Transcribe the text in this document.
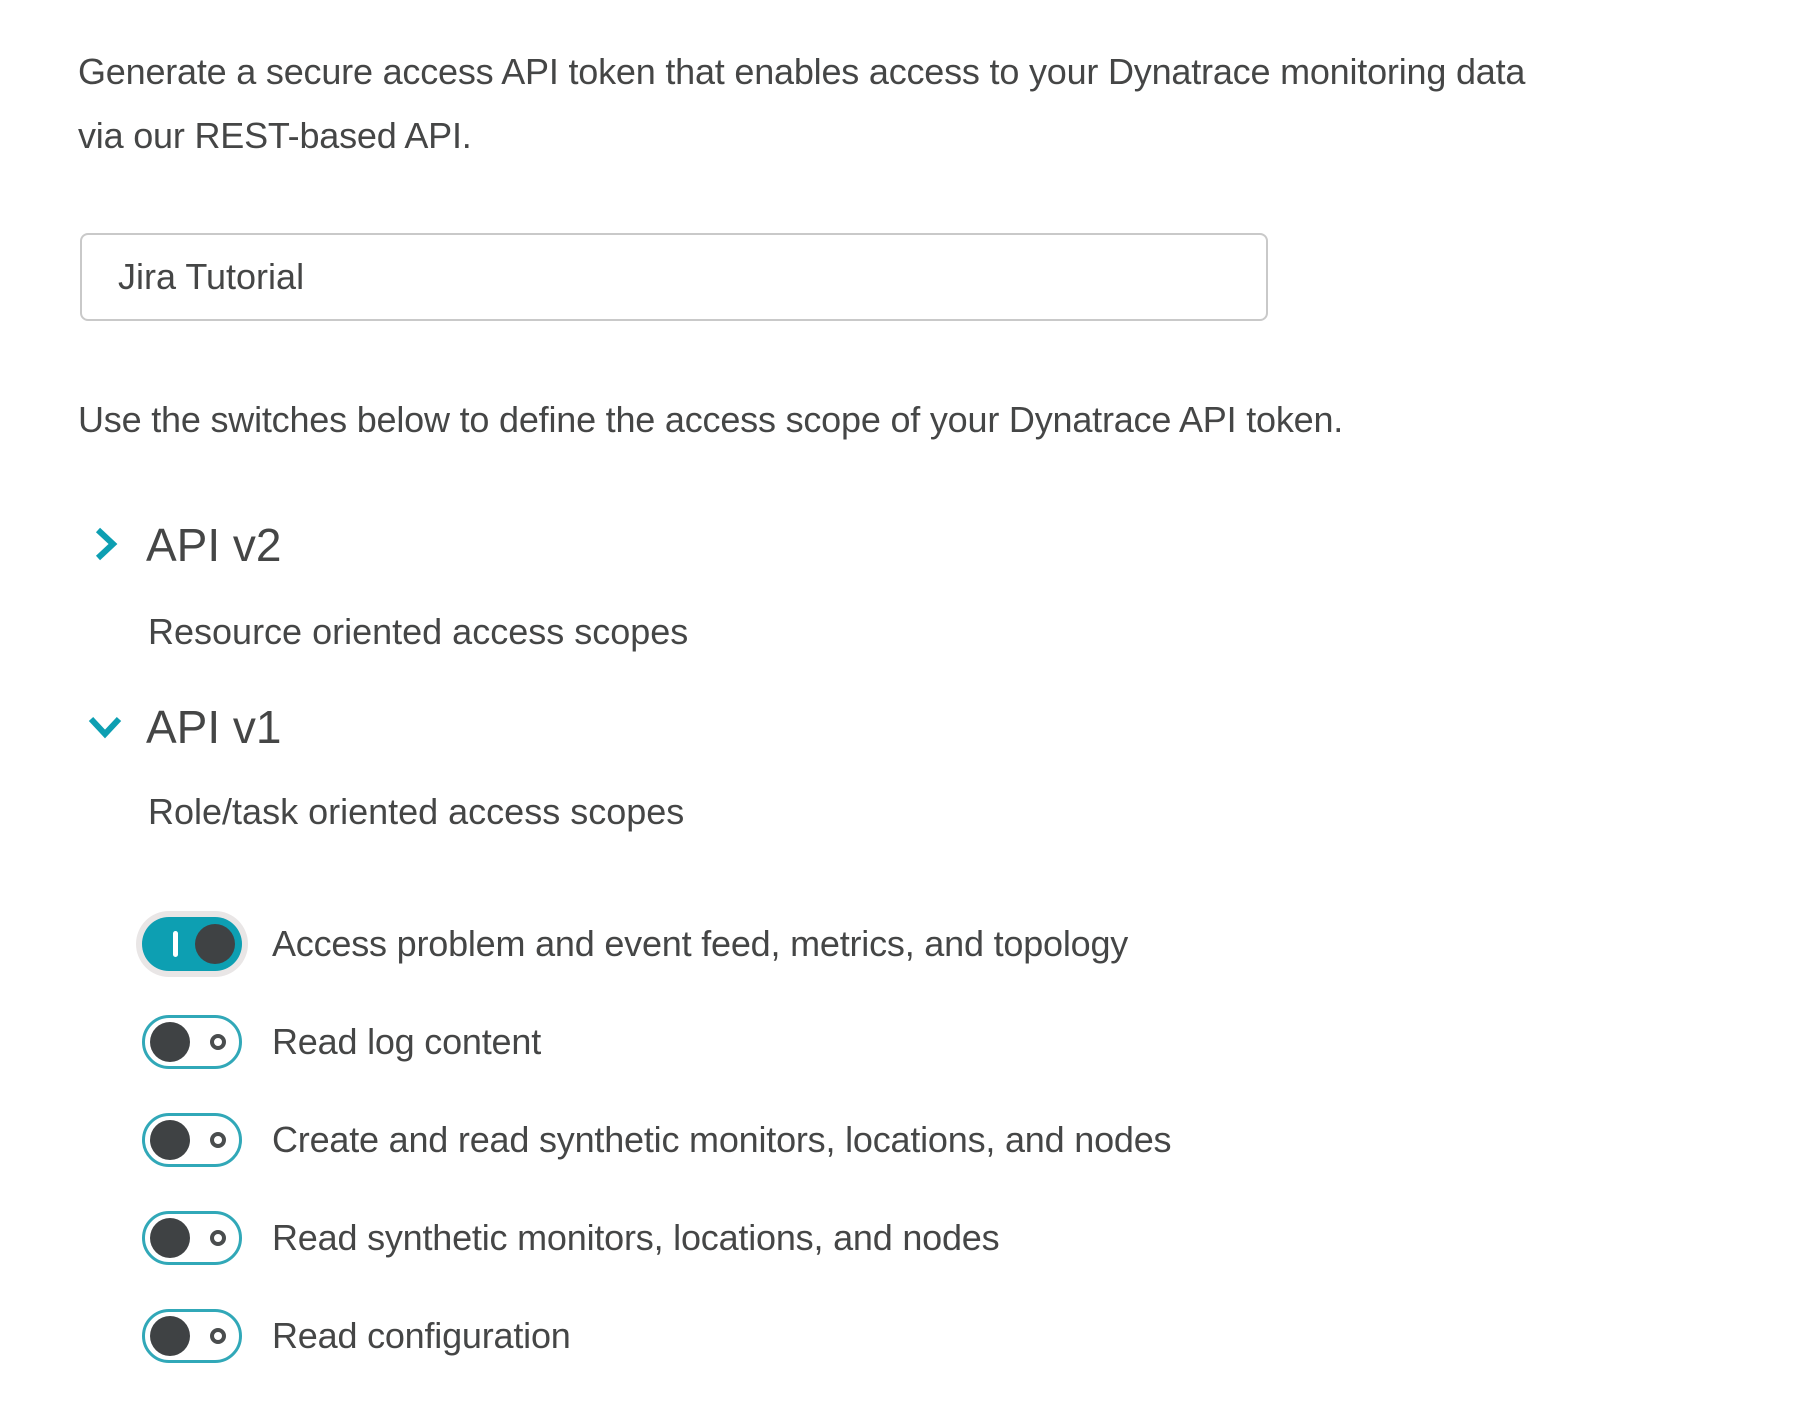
Generate a secure access API token that enables access to your Dynatrace monitoring data
via our REST-based API.
Jira Tutorial
Use the switches below to define the access scope of your Dynatrace API token.
API v2
Resource oriented access scopes
API v1
Role/task oriented access scopes
Access problem and event feed, metrics, and topology
Read log content
Create and read synthetic monitors, locations, and nodes
Read synthetic monitors, locations, and nodes
Read configuration
